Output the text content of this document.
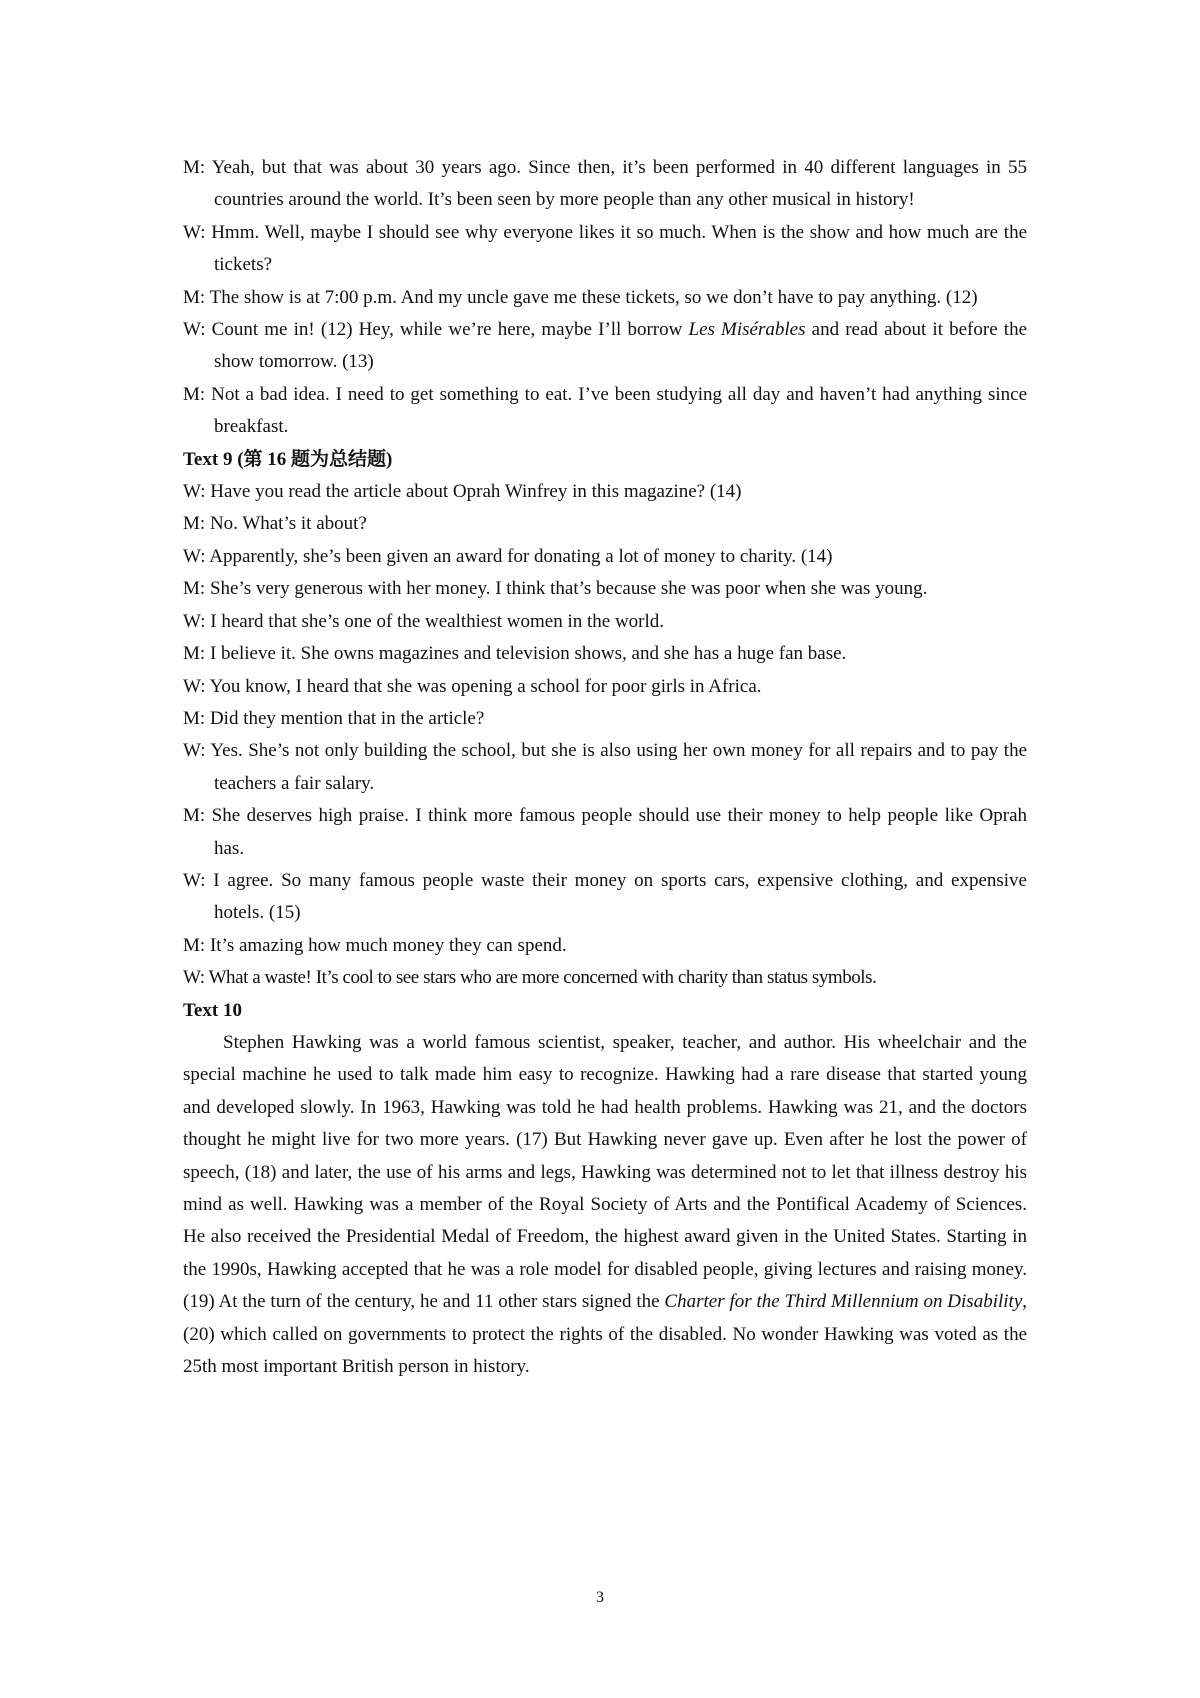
M: Yeah, but that was about 30 years ago. Since then, it’s been performed in 40 different languages in 55 countries around the world. It’s been seen by more people than any other musical in history!
W: Hmm. Well, maybe I should see why everyone likes it so much. When is the show and how much are the tickets?
M: The show is at 7:00 p.m. And my uncle gave me these tickets, so we don’t have to pay anything. (12)
W: Count me in! (12) Hey, while we’re here, maybe I’ll borrow Les Misérables and read about it before the show tomorrow. (13)
M: Not a bad idea. I need to get something to eat. I’ve been studying all day and haven’t had anything since breakfast.
Text 9 (第 16 题为总结题)
W: Have you read the article about Oprah Winfrey in this magazine? (14)
M: No. What’s it about?
W: Apparently, she’s been given an award for donating a lot of money to charity. (14)
M: She’s very generous with her money. I think that’s because she was poor when she was young.
W: I heard that she’s one of the wealthiest women in the world.
M: I believe it. She owns magazines and television shows, and she has a huge fan base.
W: You know, I heard that she was opening a school for poor girls in Africa.
M: Did they mention that in the article?
W: Yes. She’s not only building the school, but she is also using her own money for all repairs and to pay the teachers a fair salary.
M: She deserves high praise. I think more famous people should use their money to help people like Oprah has.
W: I agree. So many famous people waste their money on sports cars, expensive clothing, and expensive hotels. (15)
M: It’s amazing how much money they can spend.
W: What a waste! It’s cool to see stars who are more concerned with charity than status symbols.
Text 10
Stephen Hawking was a world famous scientist, speaker, teacher, and author. His wheelchair and the special machine he used to talk made him easy to recognize. Hawking had a rare disease that started young and developed slowly. In 1963, Hawking was told he had health problems. Hawking was 21, and the doctors thought he might live for two more years. (17) But Hawking never gave up. Even after he lost the power of speech, (18) and later, the use of his arms and legs, Hawking was determined not to let that illness destroy his mind as well. Hawking was a member of the Royal Society of Arts and the Pontifical Academy of Sciences. He also received the Presidential Medal of Freedom, the highest award given in the United States. Starting in the 1990s, Hawking accepted that he was a role model for disabled people, giving lectures and raising money. (19) At the turn of the century, he and 11 other stars signed the Charter for the Third Millennium on Disability, (20) which called on governments to protect the rights of the disabled. No wonder Hawking was voted as the 25th most important British person in history.
3
